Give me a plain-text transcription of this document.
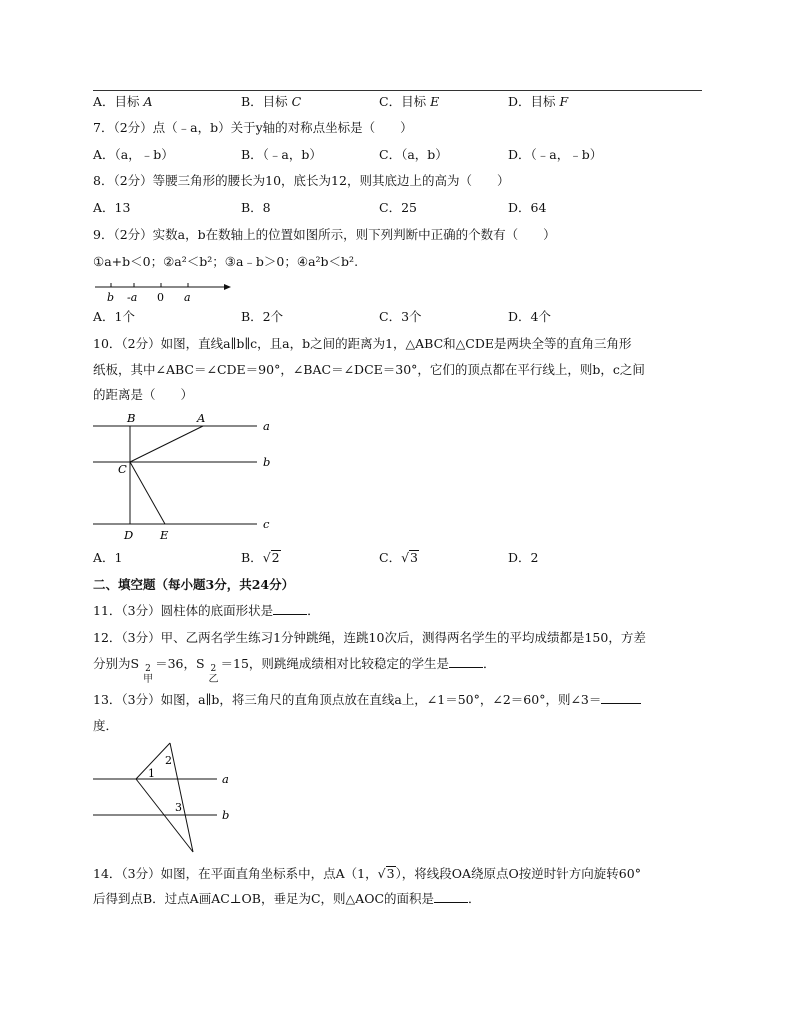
A．目标 A	B．目标 C	C．目标 E	D．目标 F
7．（2分）点（﹣a，b）关于y轴的对称点坐标是（　　）
A．（a，﹣b）	B．（﹣a，b）	C．（a，b）	D．（﹣a，﹣b）
8．（2分）等腰三角形的腰长为10，底长为12，则其底边上的高为（　　）
A．13	B．8	C．25	D．64
9．（2分）实数a，b在数轴上的位置如图所示，则下列判断中正确的个数有（　　）
①a+b＜0；②a²＜b²；③a﹣b＞0；④a²b＜b².
b -a 0 a
A．1个	B．2个	C．3个	D．4个
10．（2分）如图，直线a∥b∥c，且a，b之间的距离为1，△ABC和△CDE是两块全等的直角三角形
纸板，其中∠ABC＝∠CDE＝90°，∠BAC＝∠DCE＝30°，它们的顶点都在平行线上，则b，c之间
的距离是（　　）
B	A
C
D E
a
b
c
A．1	B．√2	C．√3	D．2
二、填空题（每小题3分，共24分）
11．（3分）圆柱体的底面形状是	．
12．（3分）甲、乙两名学生练习1分钟跳绳，连跳10次后，测得两名学生的平均成绩都是150，方差
分别为S 2
甲
＝36，S 2
乙
＝15，则跳绳成绩相对比较稳定的学生是	．
13．（3分）如图，a∥b，将三角尺的直角顶点放在直线a上，∠1＝50°，∠2＝60°，则∠3＝
度．
1
2
3
a
b
14．（3分）如图，在平面直角坐标系中，点A（1，√3），将线段OA绕原点O按逆时针方向旋转60°
后得到点B．过点A画AC⊥OB，垂足为C，则△AOC的面积是	．
